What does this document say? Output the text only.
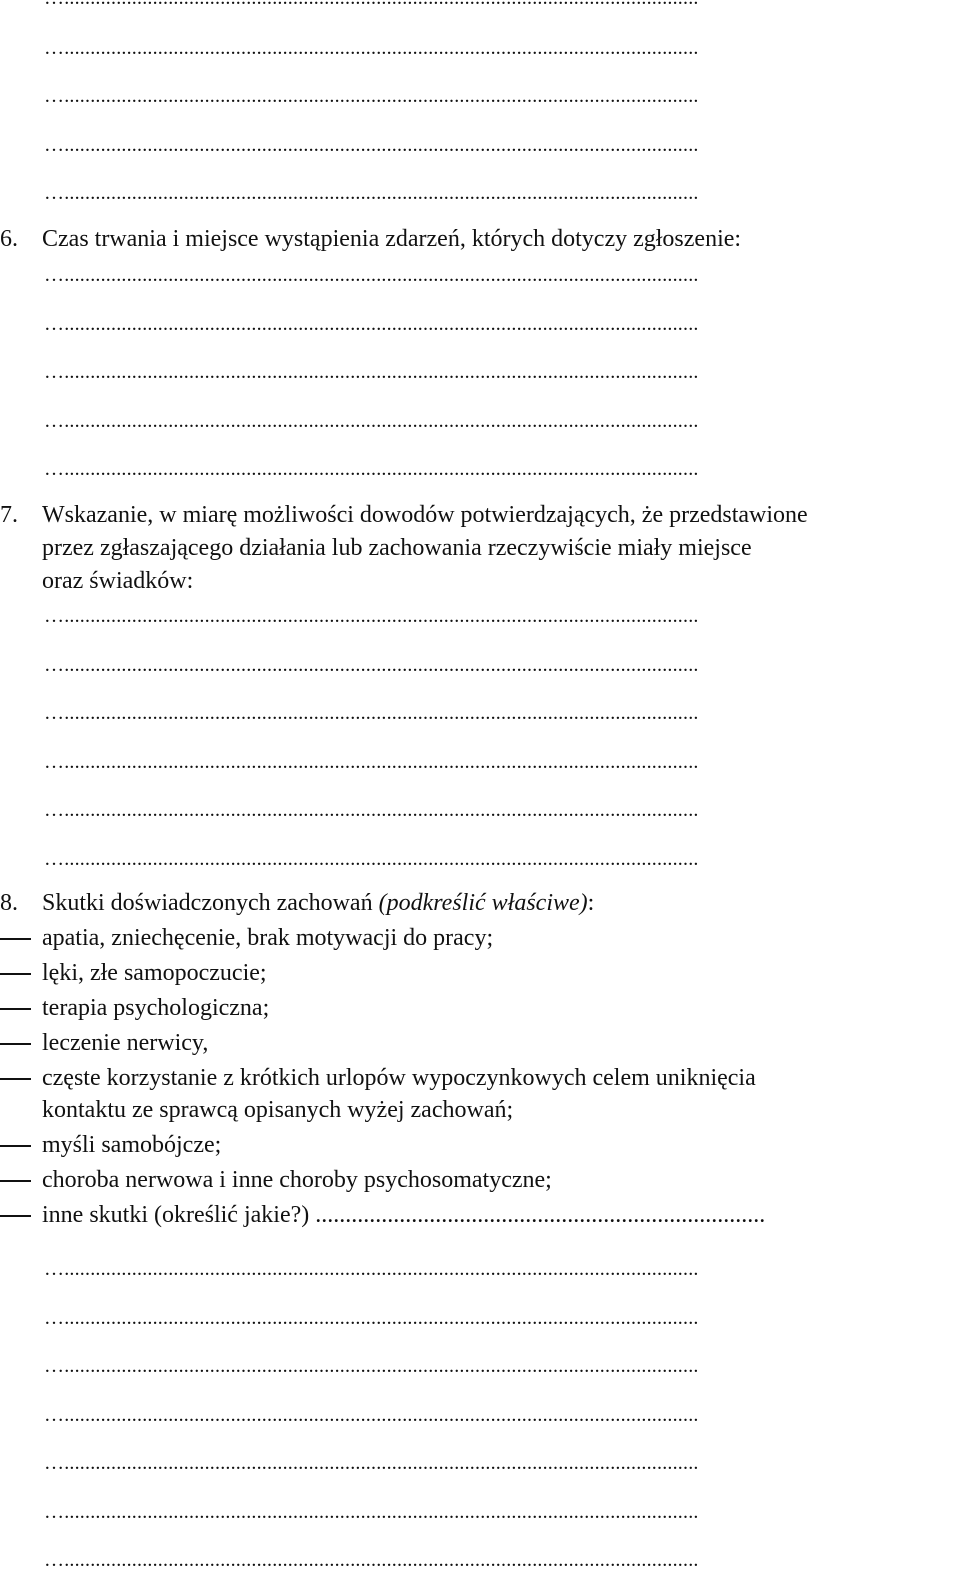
…..........................................................................................................................
…..........................................................................................................................
…..........................................................................................................................
…..........................................................................................................................
6.	Czas trwania i miejsce wystąpienia zdarzeń, których dotyczy zgłoszenie:
…..........................................................................................................................
…..........................................................................................................................
…..........................................................................................................................
…..........................................................................................................................
…..........................................................................................................................
7.	Wskazanie, w miarę możliwości dowodów potwierdzających, że przedstawione
przez zgłaszającego działania lub zachowania rzeczywiście miały miejsce
oraz świadków:
…..........................................................................................................................
…..........................................................................................................................
…..........................................................................................................................
…..........................................................................................................................
…..........................................................................................................................
…..........................................................................................................................
8.	Skutki doświadczonych zachowań (podkreślić właściwe):
apatia, zniechęcenie, brak motywacji do pracy;
lęki, złe samopoczucie;
terapia psychologiczna;
leczenie nerwicy,
częste korzystanie z krótkich urlopów wypoczynkowych celem uniknięcia
kontaktu ze sprawcą opisanych wyżej zachowań;
myśli samobójcze;
choroba nerwowa i inne choroby psychosomatyczne;
inne skutki (określić jakie?) ...........................................................................
…..........................................................................................................................
…..........................................................................................................................
…..........................................................................................................................
…..........................................................................................................................
…..........................................................................................................................
…..........................................................................................................................
…..........................................................................................................................
